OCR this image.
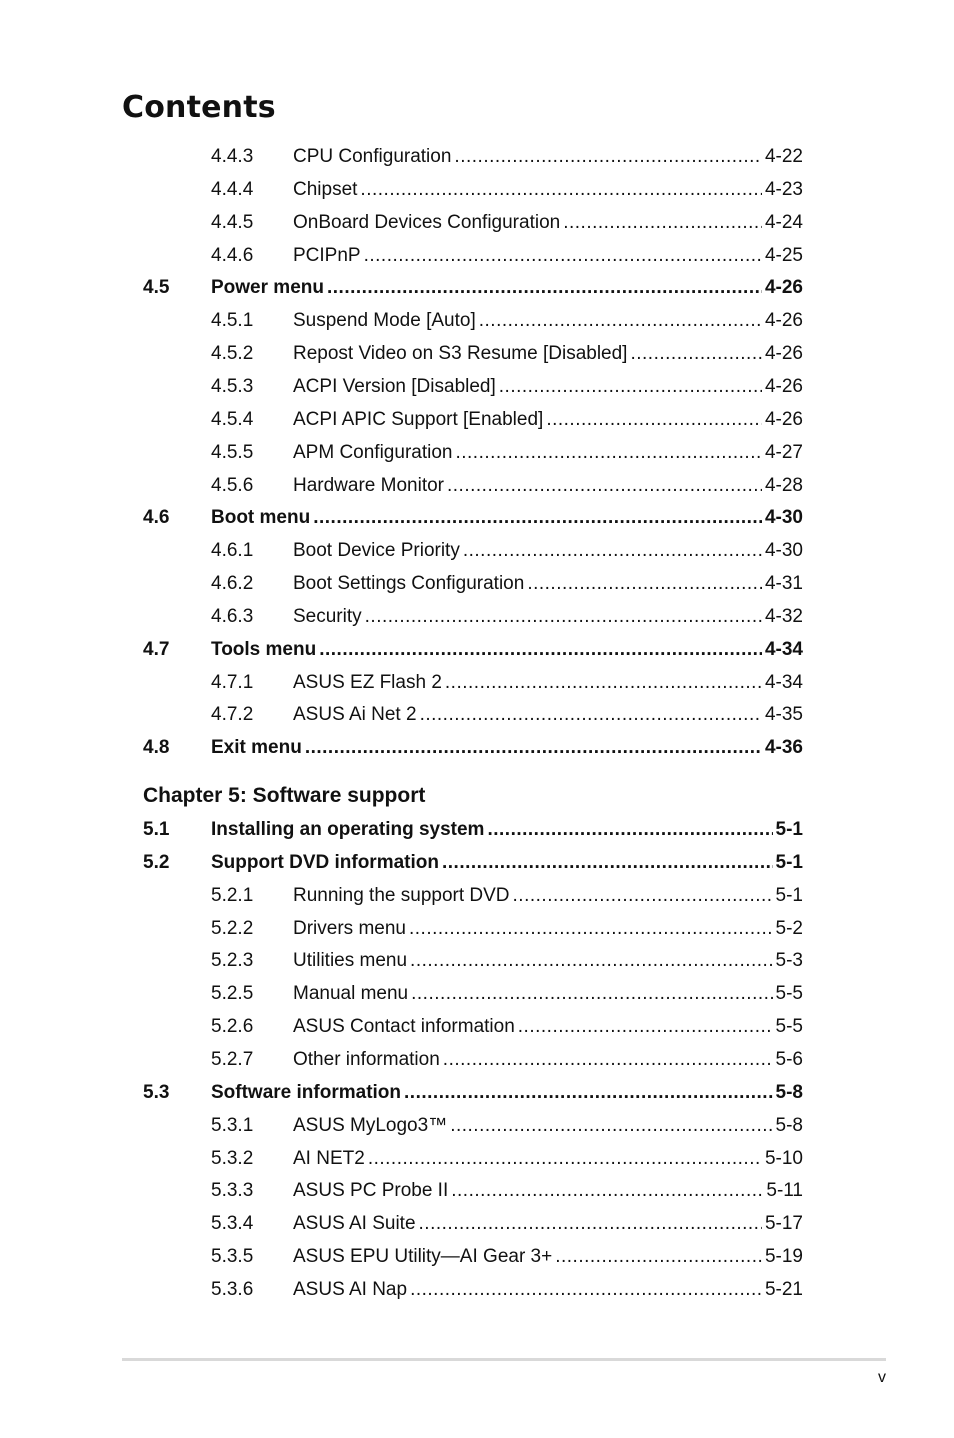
Contents
4.4.3 CPU Configuration .....	4-22
4.4.4 Chipset .....	4-23
4.4.5 OnBoard Devices Configuration .....	4-24
4.4.6 PCIPnP .....	4-25
4.5 Power menu .....	4-26
4.5.1 Suspend Mode [Auto] .....	4-26
4.5.2 Repost Video on S3 Resume [Disabled] .....	4-26
4.5.3 ACPI Version [Disabled] .....	4-26
4.5.4 ACPI APIC Support [Enabled] .....	4-26
4.5.5 APM Configuration .....	4-27
4.5.6 Hardware Monitor .....	4-28
4.6 Boot menu .....	4-30
4.6.1 Boot Device Priority .....	4-30
4.6.2 Boot Settings Configuration .....	4-31
4.6.3 Security .....	4-32
4.7 Tools menu .....	4-34
4.7.1 ASUS EZ Flash 2 .....	4-34
4.7.2 ASUS Ai Net 2 .....	4-35
4.8 Exit menu .....	4-36
Chapter 5: Software support
5.1 Installing an operating system .....	5-1
5.2 Support DVD information .....	5-1
5.2.1 Running the support DVD .....	5-1
5.2.2 Drivers menu .....	5-2
5.2.3 Utilities menu .....	5-3
5.2.5 Manual menu .....	5-5
5.2.6 ASUS Contact information .....	5-5
5.2.7 Other information .....	5-6
5.3 Software information .....	5-8
5.3.1 ASUS MyLogo3™ .....	5-8
5.3.2 AI NET2 .....	5-10
5.3.3 ASUS PC Probe II .....	5-11
5.3.4 ASUS AI Suite .....	5-17
5.3.5 ASUS EPU Utility—AI Gear 3+ .....	5-19
5.3.6 ASUS AI Nap .....	5-21
v
